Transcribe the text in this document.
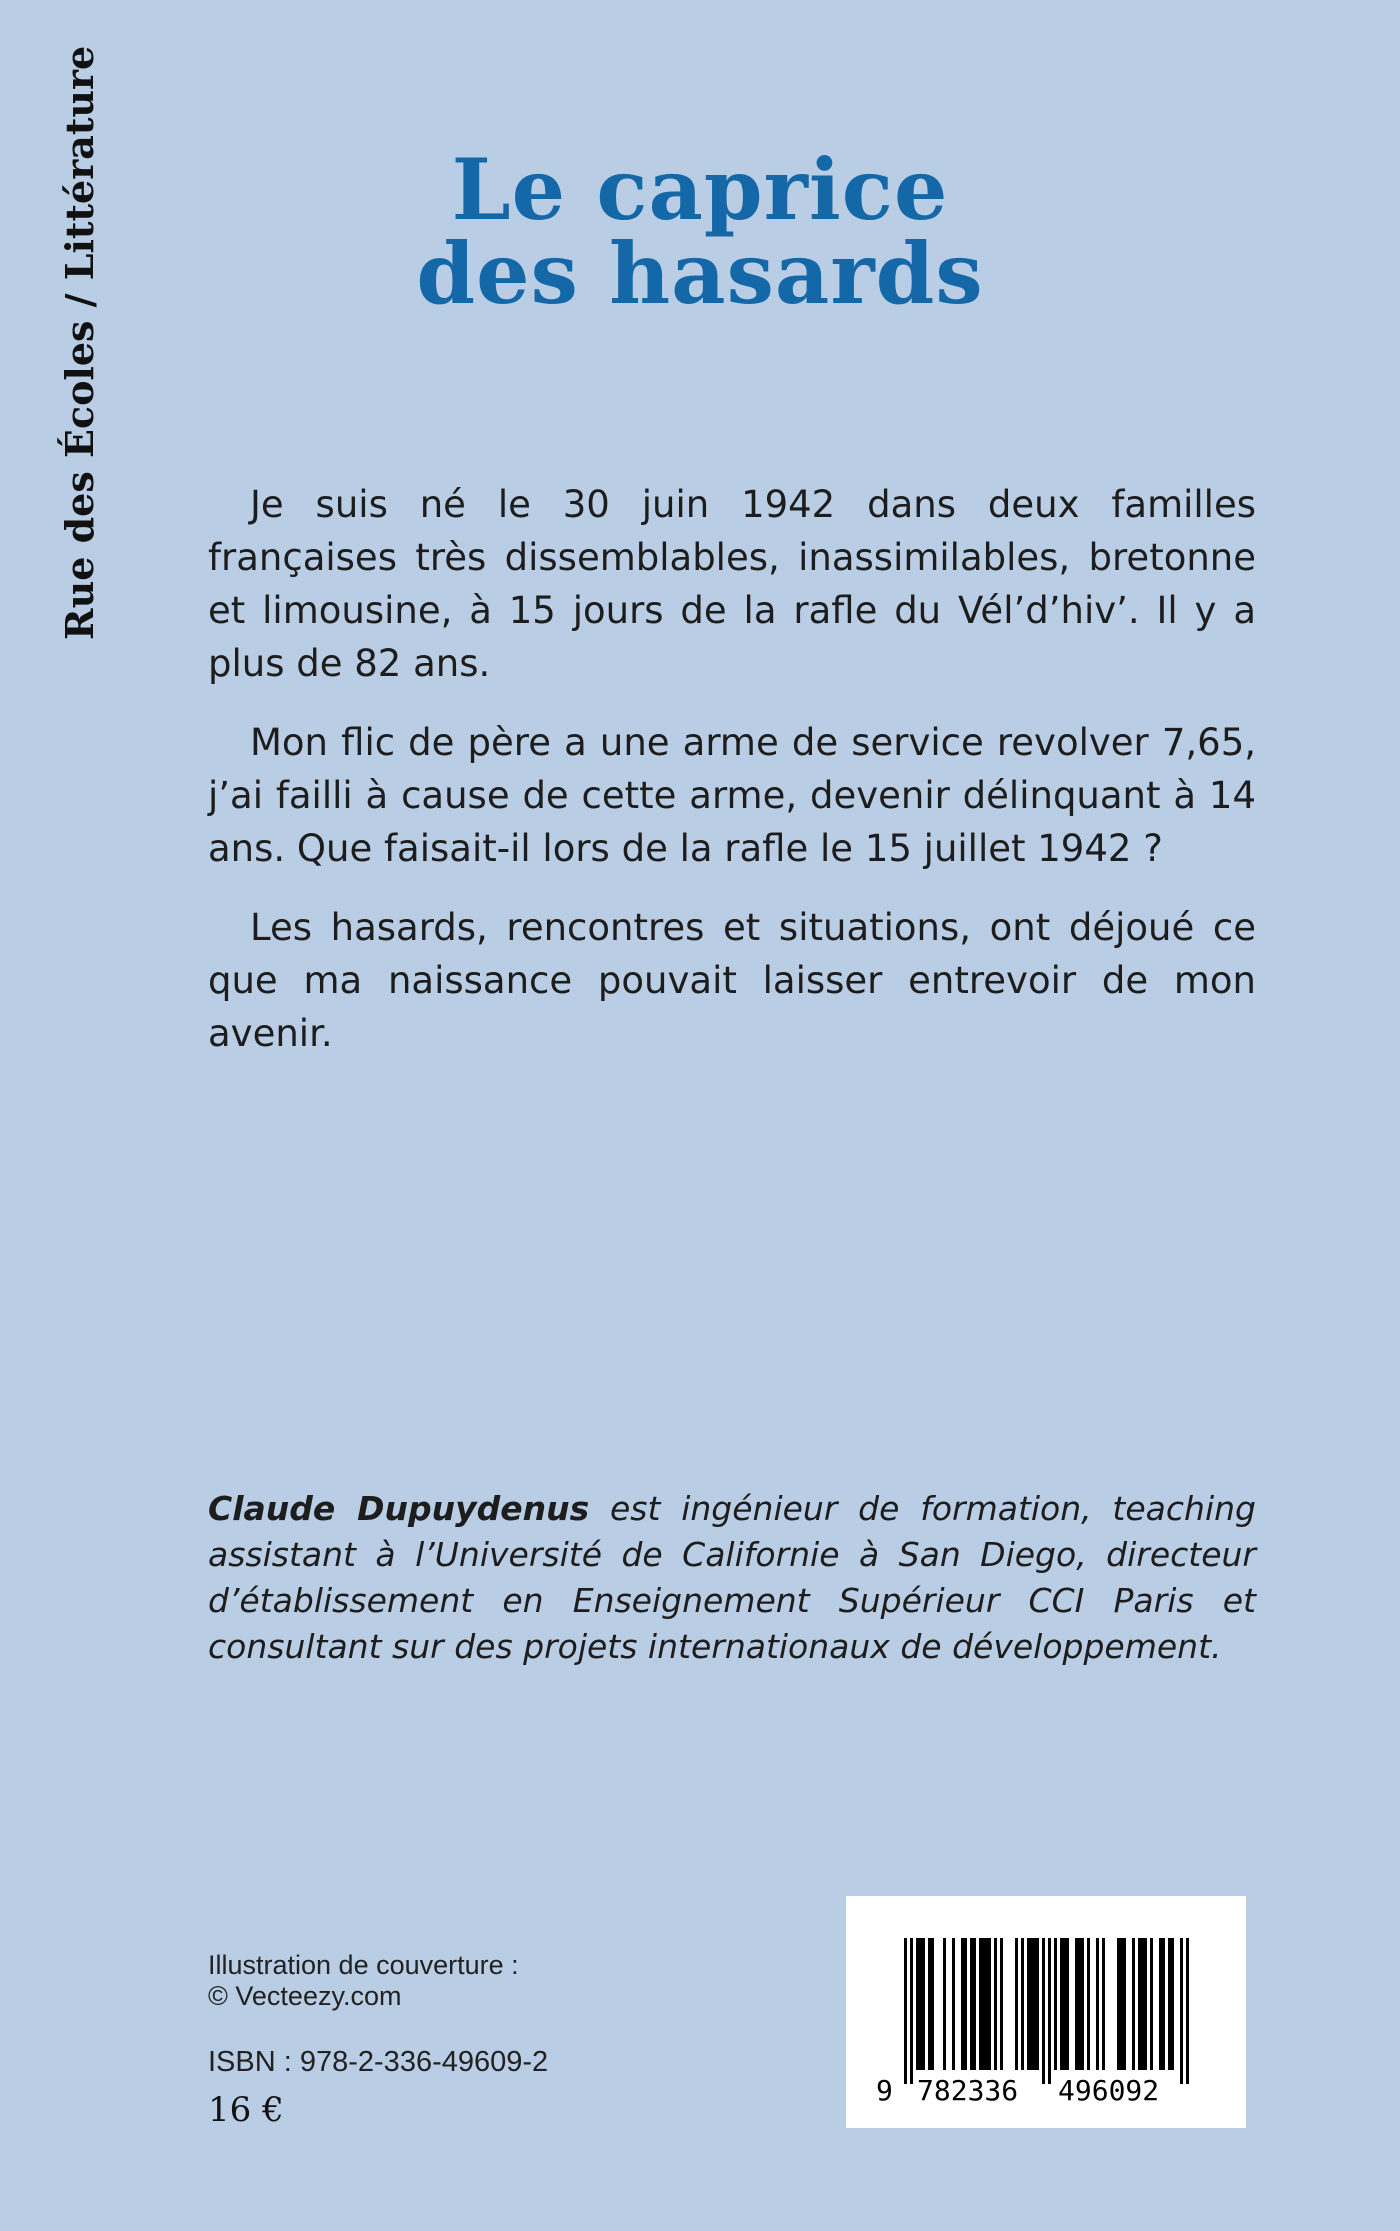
Rue des Écoles / Littérature	Le caprice
des hasards

Je suis né le 30 juin 1942 dans deux familles françaises très dissemblables, inassimilables, bretonne et limousine, à 15 jours de la rafle du Vél’d’hiv’. Il y a plus de 82 ans.

Mon flic de père a une arme de service revolver 7,65, j’ai failli à cause de cette arme, devenir délinquant à 14 ans. Que faisait-il lors de la rafle le 15 juillet 1942 ?

Les hasards, rencontres et situations, ont déjoué ce que ma naissance pouvait laisser entrevoir de mon avenir.

Claude Dupuydenus est ingénieur de formation, teaching assistant à l’Université de Californie à San Diego, directeur d’établissement en Enseignement Supérieur CCI Paris et consultant sur des projets internationaux de développement.
Illustration de couverture :
© Vecteezy.com
ISBN : 978-2-336-49609-2
16 €	9 782336 496092
